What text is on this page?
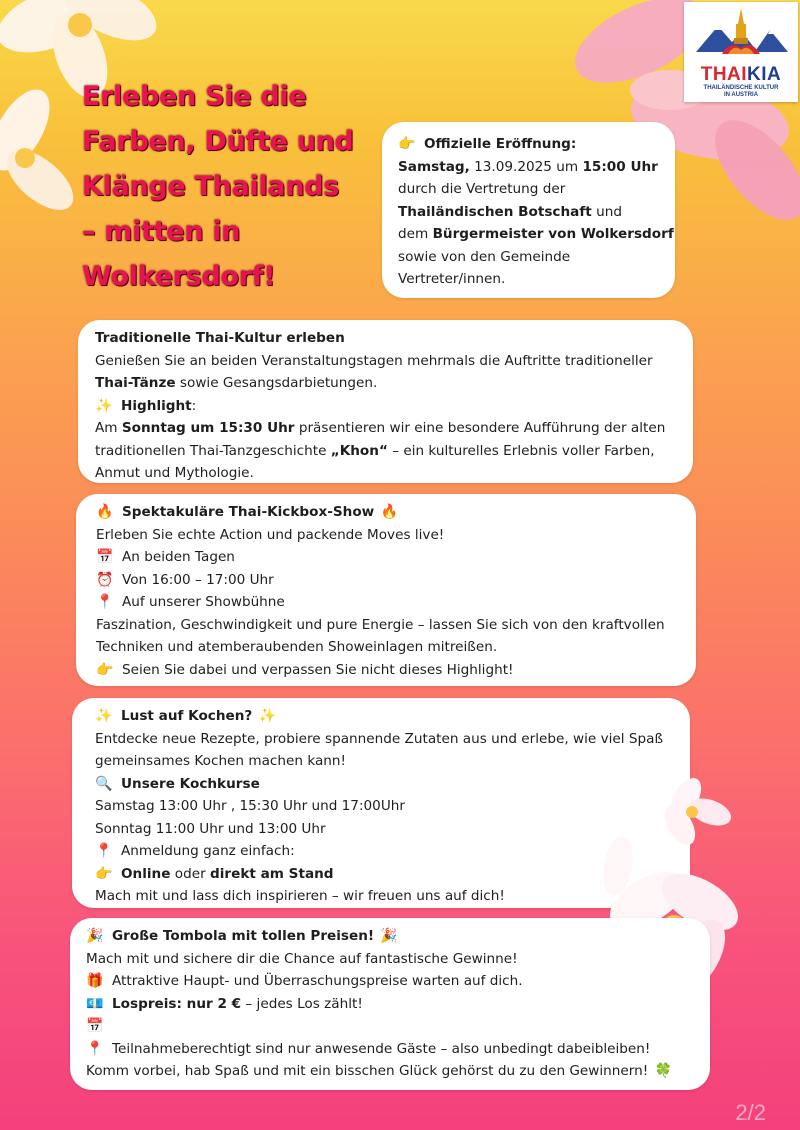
THAIKIA
THAILÄNDISCHE KULTUR
IN AUSTRIA
Erleben Sie die
Farben, Düfte und
Klänge Thailands
– mitten in
Wolkersdorf!
👉 Offizielle Eröffnung:
Samstag, 13.09.2025 um 15:00 Uhr
durch die Vertretung der
Thailändischen Botschaft und
dem Bürgermeister von Wolkersdorf
sowie von den Gemeinde
Vertreter/innen.
Traditionelle Thai-Kultur erleben
Genießen Sie an beiden Veranstaltungstagen mehrmals die Auftritte traditioneller
Thai-Tänze sowie Gesangsdarbietungen.
✨ Highlight:
Am Sonntag um 15:30 Uhr präsentieren wir eine besondere Aufführung der alten
traditionellen Thai-Tanzgeschichte „Khon“ – ein kulturelles Erlebnis voller Farben,
Anmut und Mythologie.
🔥 Spektakuläre Thai-Kickbox-Show 🔥
Erleben Sie echte Action und packende Moves live!
📅 An beiden Tagen
⏰ Von 16:00 – 17:00 Uhr
📍 Auf unserer Showbühne
Faszination, Geschwindigkeit und pure Energie – lassen Sie sich von den kraftvollen
Techniken und atemberaubenden Showeinlagen mitreißen.
👉 Seien Sie dabei und verpassen Sie nicht dieses Highlight!
✨ Lust auf Kochen? ✨
Entdecke neue Rezepte, probiere spannende Zutaten aus und erlebe, wie viel Spaß
gemeinsames Kochen machen kann!
🔍 Unsere Kochkurse
Samstag 13:00 Uhr , 15:30 Uhr und 17:00Uhr
Sonntag 11:00 Uhr und 13:00 Uhr
📍 Anmeldung ganz einfach:
👉 Online oder direkt am Stand
Mach mit und lass dich inspirieren – wir freuen uns auf dich!
🎉 Große Tombola mit tollen Preisen! 🎉
Mach mit und sichere dir die Chance auf fantastische Gewinne!
🎁 Attraktive Haupt- und Überraschungspreise warten auf dich.
💶 Lospreis: nur 2 € – jedes Los zählt!
📅
📍 Teilnahmeberechtigt sind nur anwesende Gäste – also unbedingt dabeibleiben!
Komm vorbei, hab Spaß und mit ein bisschen Glück gehörst du zu den Gewinnern! 🍀
2/2
